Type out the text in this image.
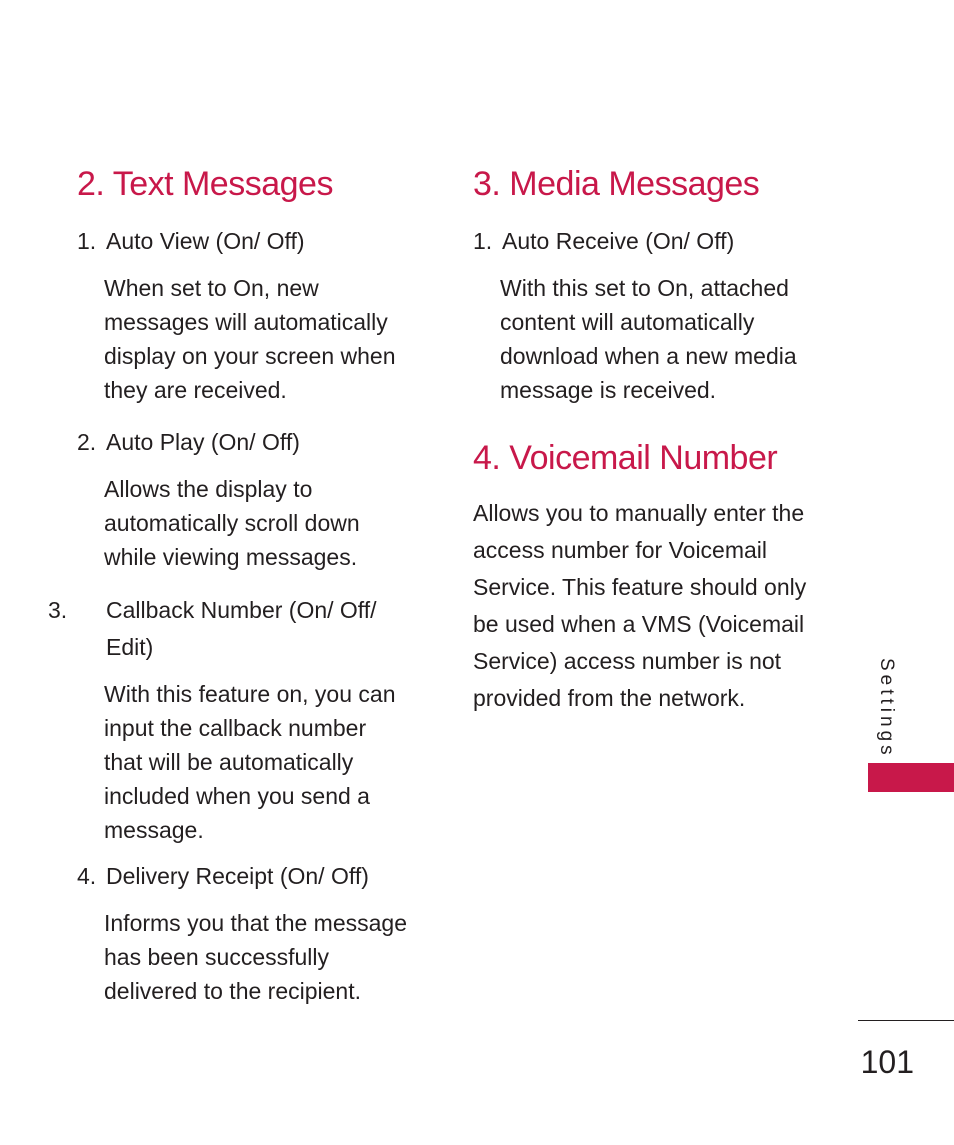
2. Text Messages

1. Auto View (On/ Off)

When set to On, new
messages will automatically
display on your screen when
they are received.

2. Auto Play (On/ Off)

Allows the display to
automatically scroll down
while viewing messages.

3. Callback Number (On/ Off/ Edit)

With this feature on, you can
input the callback number
that will be automatically
included when you send a
message.

4. Delivery Receipt (On/ Off)

Informs you that the message
has been successfully
delivered to the recipient.
3. Media Messages

1. Auto Receive (On/ Off)

With this set to On, attached
content will automatically
download when a new media
message is received.
4. Voicemail Number
Allows you to manually enter the
access number for Voicemail
Service. This feature should only
be used when a VMS (Voicemail
Service) access number is not
provided from the network.	Settings
101
